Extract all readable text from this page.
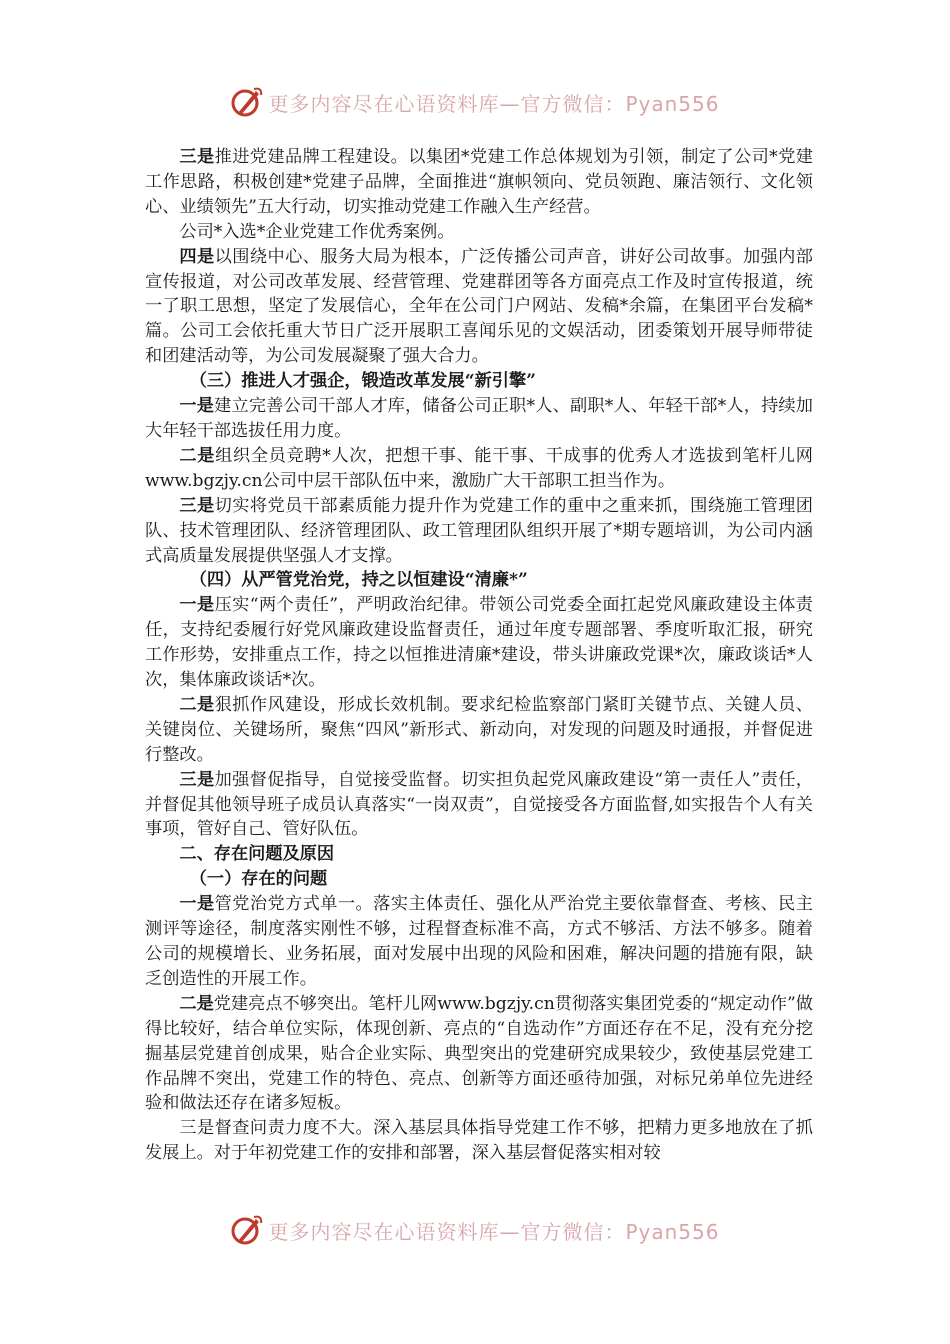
更多内容尽在心语资料库—官方微信：Pyan556

三是推进党建品牌工程建设。以集团*党建工作总体规划为引领，制定了公司*党建工作思路，积极创建*党建子品牌，全面推进“旗帜领向、党员领跑、廉洁领行、文化领心、业绩领先”五大行动，切实推动党建工作融入生产经营。

公司*入选*企业党建工作优秀案例。

四是以围绕中心、服务大局为根本，广泛传播公司声音，讲好公司故事。加强内部宣传报道，对公司改革发展、经营管理、党建群团等各方面亮点工作及时宣传报道，统一了职工思想，坚定了发展信心，全年在公司门户网站、发稿*余篇，在集团平台发稿*篇。公司工会依托重大节日广泛开展职工喜闻乐见的文娱活动，团委策划开展导师带徒和团建活动等，为公司发展凝聚了强大合力。

（三）推进人才强企，锻造改革发展“新引擎”

一是建立完善公司干部人才库，储备公司正职*人、副职*人、年轻干部*人，持续加大年轻干部选拔任用力度。

二是组织全员竞聘*人次，把想干事、能干事、干成事的优秀人才选拔到笔杆儿网www.bgzjy.cn公司中层干部队伍中来，激励广大干部职工担当作为。

三是切实将党员干部素质能力提升作为党建工作的重中之重来抓，围绕施工管理团队、技术管理团队、经济管理团队、政工管理团队组织开展了*期专题培训，为公司内涵式高质量发展提供坚强人才支撑。

（四）从严管党治党，持之以恒建设“清廉*”

一是压实“两个责任”，严明政治纪律。带领公司党委全面扛起党风廉政建设主体责任，支持纪委履行好党风廉政建设监督责任，通过年度专题部署、季度听取汇报，研究工作形势，安排重点工作，持之以恒推进清廉*建设，带头讲廉政党课*次，廉政谈话*人次，集体廉政谈话*次。

二是狠抓作风建设，形成长效机制。要求纪检监察部门紧盯关键节点、关键人员、关键岗位、关键场所，聚焦“四风”新形式、新动向，对发现的问题及时通报，并督促进行整改。

三是加强督促指导，自觉接受监督。切实担负起党风廉政建设“第一责任人”责任，并督促其他领导班子成员认真落实“一岗双责”，自觉接受各方面监督,如实报告个人有关事项，管好自己、管好队伍。

二、存在问题及原因

（一）存在的问题

一是管党治党方式单一。落实主体责任、强化从严治党主要依靠督查、考核、民主测评等途径，制度落实刚性不够，过程督查标准不高，方式不够活、方法不够多。随着公司的规模增长、业务拓展，面对发展中出现的风险和困难，解决问题的措施有限，缺乏创造性的开展工作。

二是党建亮点不够突出。笔杆儿网www.bgzjy.cn贯彻落实集团党委的“规定动作”做得比较好，结合单位实际，体现创新、亮点的“自选动作”方面还存在不足，没有充分挖掘基层党建首创成果，贴合企业实际、典型突出的党建研究成果较少，致使基层党建工作品牌不突出，党建工作的特色、亮点、创新等方面还亟待加强，对标兄弟单位先进经验和做法还存在诸多短板。

三是督查问责力度不大。深入基层具体指导党建工作不够，把精力更多地放在了抓发展上。对于年初党建工作的安排和部署，深入基层督促落实相对较

更多内容尽在心语资料库—官方微信：Pyan556
